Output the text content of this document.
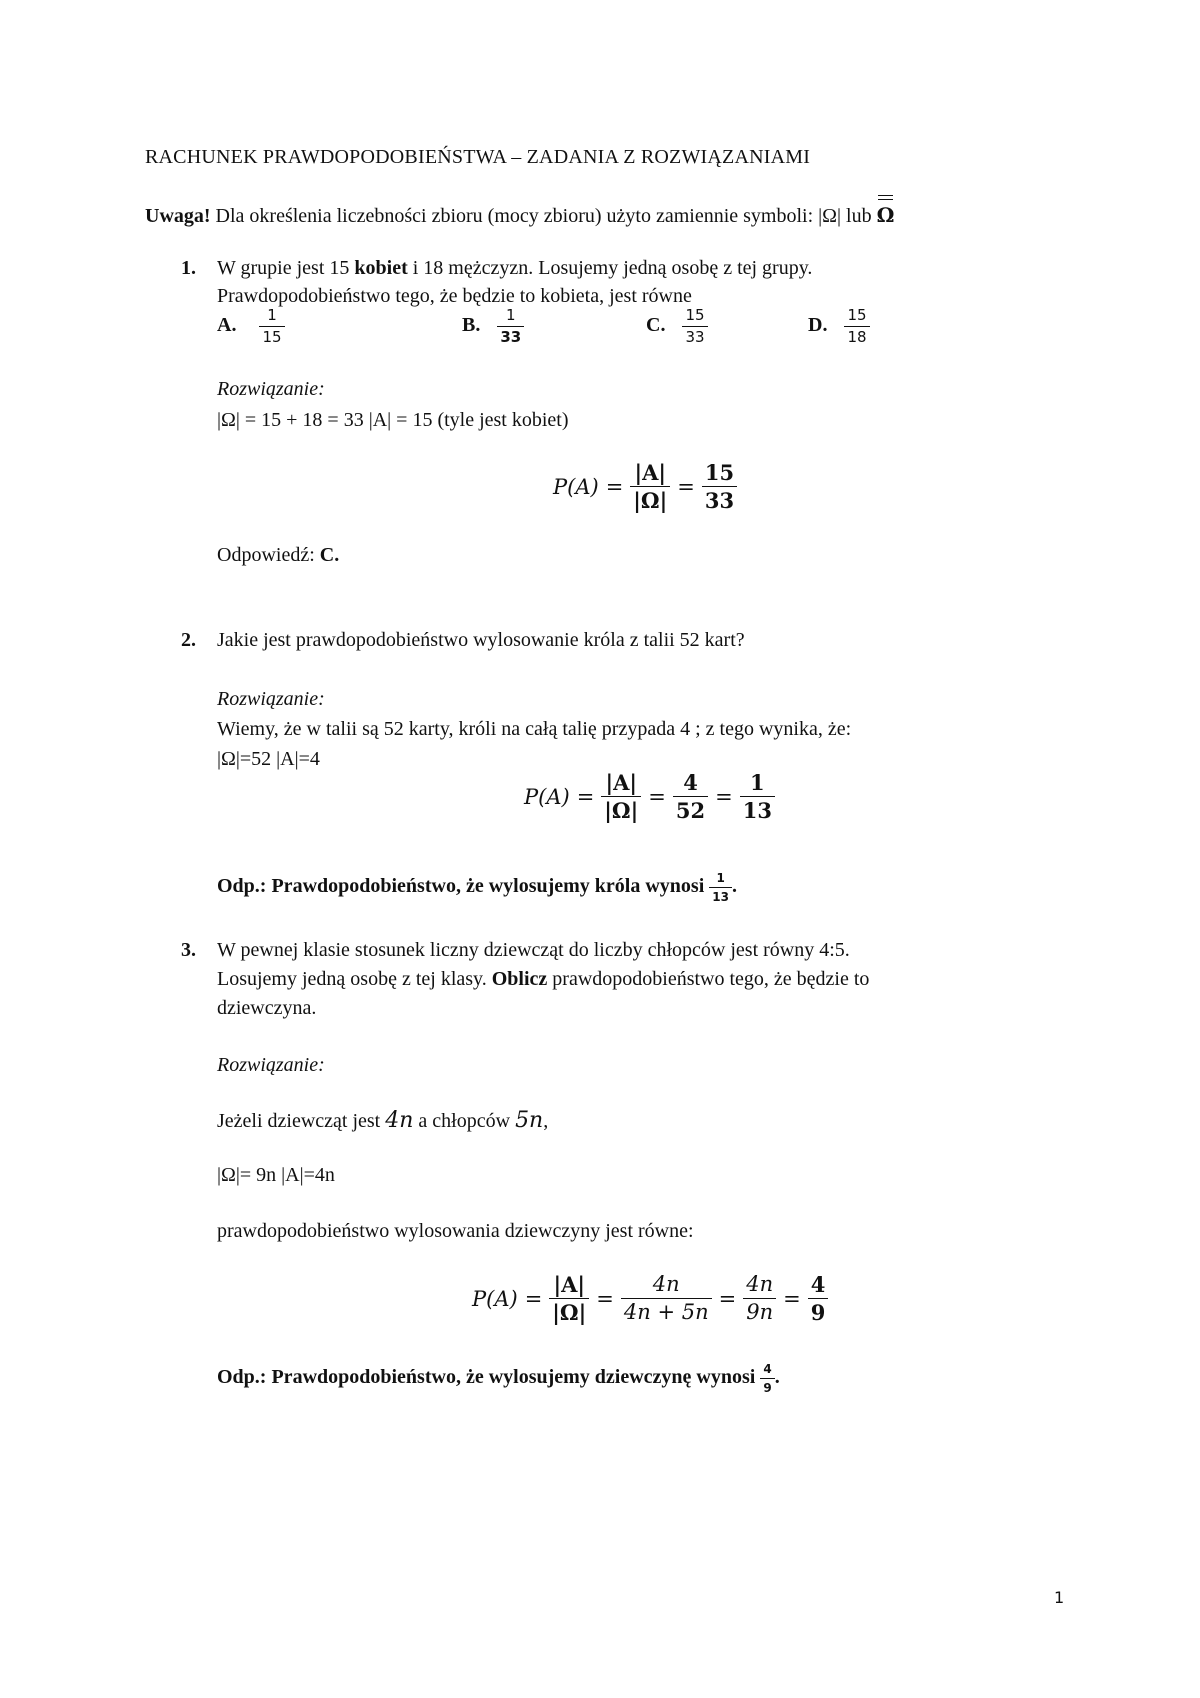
RACHUNEK PRAWDOPODOBIEŃSTWA – ZADANIA Z ROZWIĄZANIAMI
Uwaga! Dla określenia liczebności zbioru (mocy zbioru) użyto zamiennie symboli: |Ω| lub Ω
1. W grupie jest 15 kobiet i 18 mężczyzn. Losujemy jedną osobę z tej grupy.
Prawdopodobieństwo tego, że będzie to kobieta, jest równe
A. $\frac{1}{15}$	B. $\frac{1}{33}$	C. $\frac{15}{33}$	D. $\frac{15}{18}$
Rozwiązanie:
|Ω| = 15 + 18 = 33 |A| = 15 (tyle jest kobiet)
$P(A) = \frac{|A|}{|\Omega|} = \frac{15}{33}$
Odpowiedź: C.
2. Jakie jest prawdopodobieństwo wylosowanie króla z talii 52 kart?
Rozwiązanie:
Wiemy, że w talii są 52 karty, króli na całą talię przypada 4 ; z tego wynika, że:
|Ω|=52 |A|=4
$P(A) = \frac{|A|}{|\Omega|} = \frac{4}{52} = \frac{1}{13}$
Odp.: Prawdopodobieństwo, że wylosujemy króla wynosi $\frac{1}{13}$ .
3. W pewnej klasie stosunek liczny dziewcząt do liczby chłopców jest równy 4:5.
Losujemy jedną osobę z tej klasy. Oblicz prawdopodobieństwo tego, że będzie to
dziewczyna.
Rozwiązanie:
Jeżeli dziewcząt jest 4n a chłopców 5n,
|Ω|= 9n |A|=4n
prawdopodobieństwo wylosowania dziewczyny jest równe:
$P(A) = \frac{|A|}{|\Omega|} = \frac{4n}{4n + 5n} = \frac{4n}{9n} = \frac{4}{9}$
Odp.: Prawdopodobieństwo, że wylosujemy dziewczynę wynosi $\frac{4}{9}$ .
1
